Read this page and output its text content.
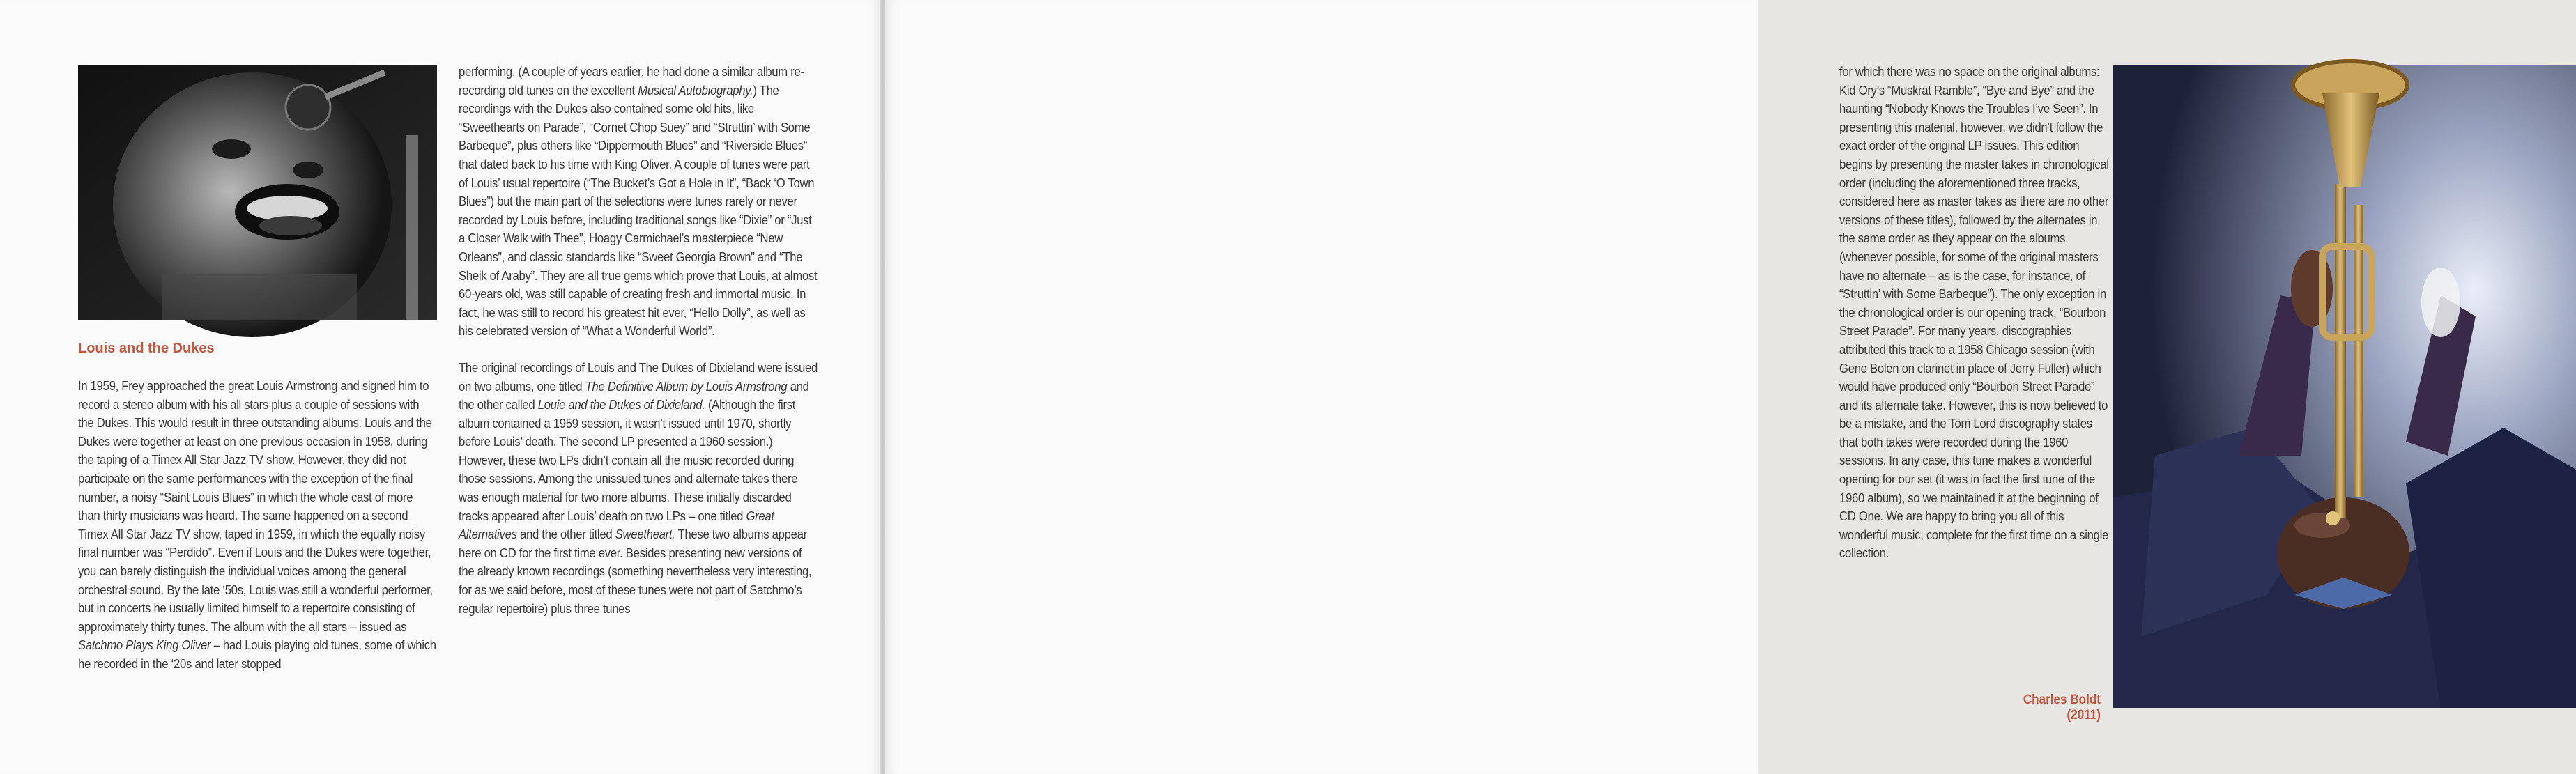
Louis and the Dukes

In 1959, Frey approached the great Louis Armstrong and signed him to record a stereo album with his all stars plus a couple of sessions with the Dukes. This would result in three outstanding albums. Louis and the Dukes were together at least on one previous occasion in 1958, during the taping of a Timex All Star Jazz TV show. However, they did not participate on the same performances with the exception of the final number, a noisy “Saint Louis Blues” in which the whole cast of more than thirty musicians was heard. The same happened on a second Timex All Star Jazz TV show, taped in 1959, in which the equally noisy final number was “Perdido”. Even if Louis and the Dukes were together, you can barely distinguish the individual voices among the general orchestral sound. By the late ‘50s, Louis was still a wonderful performer, but in concerts he usually limited himself to a repertoire consisting of approximately thirty tunes. The album with the all stars – issued as Satchmo Plays King Oliver – had Louis playing old tunes, some of which he recorded in the ‘20s and later stopped

performing. (A couple of years earlier, he had done a similar album re-recording old tunes on the excellent Musical Autobiography.) The recordings with the Dukes also contained some old hits, like “Sweethearts on Parade”, “Cornet Chop Suey” and “Struttin’ with Some Barbeque”, plus others like “Dippermouth Blues” and “Riverside Blues” that dated back to his time with King Oliver. A couple of tunes were part of Louis’ usual repertoire (“The Bucket’s Got a Hole in It”, “Back ‘O Town Blues”) but the main part of the selections were tunes rarely or never recorded by Louis before, including traditional songs like “Dixie” or “Just a Closer Walk with Thee”, Hoagy Carmichael’s masterpiece “New Orleans”, and classic standards like “Sweet Georgia Brown” and “The Sheik of Araby”. They are all true gems which prove that Louis, at almost 60-years old, was still capable of creating fresh and immortal music. In fact, he was still to record his greatest hit ever, “Hello Dolly”, as well as his celebrated version of “What a Wonderful World”.

The original recordings of Louis and The Dukes of Dixieland were issued on two albums, one titled The Definitive Album by Louis Armstrong and the other called Louie and the Dukes of Dixieland. (Although the first album contained a 1959 session, it wasn’t issued until 1970, shortly before Louis’ death. The second LP presented a 1960 session.) However, these two LPs didn’t contain all the music recorded during those sessions. Among the unissued tunes and alternate takes there was enough material for two more albums. These initially discarded tracks appeared after Louis’ death on two LPs – one titled Great Alternatives and the other titled Sweetheart. These two albums appear here on CD for the first time ever. Besides presenting new versions of the already known recordings (something nevertheless very interesting, for as we said before, most of these tunes were not part of Satchmo’s regular repertoire) plus three tunes

for which there was no space on the original albums: Kid Ory’s “Muskrat Ramble”, “Bye and Bye” and the haunting “Nobody Knows the Troubles I’ve Seen”. In presenting this material, however, we didn’t follow the exact order of the original LP issues. This edition begins by presenting the master takes in chronological order (including the aforementioned three tracks, considered here as master takes as there are no other versions of these titles), followed by the alternates in the same order as they appear on the albums (whenever possible, for some of the original masters have no alternate – as is the case, for instance, of “Struttin’ with Some Barbeque”). The only exception in the chronological order is our opening track, “Bourbon Street Parade”. For many years, discographies attributed this track to a 1958 Chicago session (with Gene Bolen on clarinet in place of Jerry Fuller) which would have produced only “Bourbon Street Parade” and its alternate take. However, this is now believed to be a mistake, and the Tom Lord discography states that both takes were recorded during the 1960 sessions. In any case, this tune makes a wonderful opening for our set (it was in fact the first tune of the 1960 album), so we maintained it at the beginning of CD One. We are happy to bring you all of this wonderful music, complete for the first time on a single collection.

Charles Boldt (2011)
